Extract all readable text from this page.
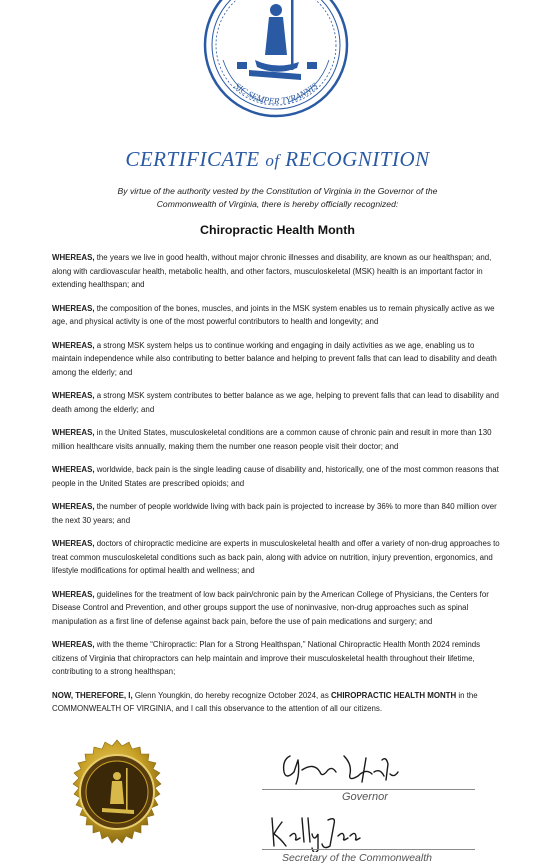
SIC SEMPER TYRANNIS
CERTIFICATE of RECOGNITION
By virtue of the authority vested by the Constitution of Virginia in the Governor of the
Commonwealth of Virginia, there is hereby officially recognized:
Chiropractic Health Month

WHEREAS, the years we live in good health, without major chronic illnesses and disability, are known as our healthspan; and, along with cardiovascular health, metabolic health, and other factors, musculoskeletal (MSK) health is an important factor in extending healthspan; and

WHEREAS, the composition of the bones, muscles, and joints in the MSK system enables us to remain physically active as we age, and physical activity is one of the most powerful contributors to health and longevity; and

WHEREAS, a strong MSK system helps us to continue working and engaging in daily activities as we age, enabling us to maintain independence while also contributing to better balance and helping to prevent falls that can lead to disability and death among the elderly; and

WHEREAS, a strong MSK system contributes to better balance as we age, helping to prevent falls that can lead to disability and death among the elderly; and

WHEREAS, in the United States, musculoskeletal conditions are a common cause of chronic pain and result in more than 130 million healthcare visits annually, making them the number one reason people visit their doctor; and

WHEREAS, worldwide, back pain is the single leading cause of disability and, historically, one of the most common reasons that people in the United States are prescribed opioids; and

WHEREAS, the number of people worldwide living with back pain is projected to increase by 36% to more than 840 million over the next 30 years; and

WHEREAS, doctors of chiropractic medicine are experts in musculoskeletal health and offer a variety of non-drug approaches to treat common musculoskeletal conditions such as back pain, along with advice on nutrition, injury prevention, ergonomics, and lifestyle modifications for optimal health and wellness; and

WHEREAS, guidelines for the treatment of low back pain/chronic pain by the American College of Physicians, the Centers for Disease Control and Prevention, and other groups support the use of noninvasive, non-drug approaches such as spinal manipulation as a first line of defense against back pain, before the use of pain medications and surgery; and

WHEREAS, with the theme “Chiropractic: Plan for a Strong Healthspan,” National Chiropractic Health Month 2024 reminds citizens of Virginia that chiropractors can help maintain and improve their musculoskeletal health throughout their lifetime, contributing to a strong healthspan;

NOW, THEREFORE, I, Glenn Youngkin, do hereby recognize October 2024, as CHIROPRACTIC HEALTH MONTH in the COMMONWEALTH OF VIRGINIA, and I call this observance to the attention of all our citizens.

Governor
Secretary of the Commonwealth
